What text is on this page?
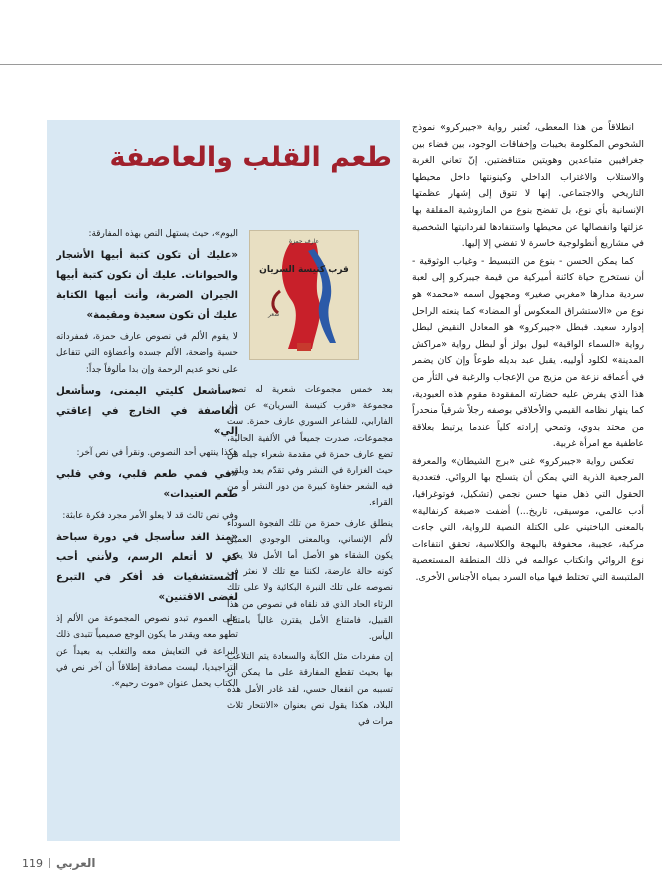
انطلاقاً من هذا المعطى، تُعتبر رواية «جيبركرو» نموذج الشخوص المكلومة بخيبات وإخفاقات الوجود، بين فضاء بين جغرافيين متباعدين وهويتين متناقضتين. إنّ تعاني الغربة والاستلاب والاغتراب الداخلي وكينونتها داخل محيطها التاريخي والاجتماعي. إنها لا تتوق إلى إشهار عظمتها الإنسانية بأي نوع، بل تفضح بنوع من المازوشية المقلقة بها عزلتها وانفصالها عن محيطها واستنفادها لفردانيتها الشخصية في مشاريع أنطولوجية خاسرة لا تفضي إلا إليها.

كما يمكن الحسن - بنوع من التبسيط - وغياب الوثوقية - أن نستخرج حياة كائنة أميركية من قيمة جيبركرو إلى لعبة سردية مدارها «مغربي صغير» ومجهول اسمه «محمد» هو نوع من «الاستشراق المعكوس أو المضاد» كما ينعته الراحل إدوارد سعيد. فبطل «جيبركرو» هو المعادل النقيض لبطل رواية «السماء الواقية» لبول بولز أو لبطل رواية «مراكش المدينة» لكلود أولييه. يقبل عبد بديله طوعاً وإن كان يضمر في أعماقه نزعة من مزيج من الإعجاب والرغبة في الثأر من هذا الذي يفرض عليه حضارته المفقودة مقوم هذه العبودية، كما ينهار نظامه القيمي والأخلاقي بوصفه رجلاً شرقياً منحدراً من محتد بدوي، وتمحي إرادته كلياً عندما يرتبط بعلاقة عاطفية مع امرأة غربية.

تعكس رواية «جيبركرو» غنى «برج الشيطان» والمعرفة المرجعية الذرية التي يمكن أن يتسلح بها الروائي. فتعددية الحقول التي ذهل منها حسن نجمي (تشكيل، فوتوغرافيا، أدب عالمي، موسيقى، تاريخ...) أضفت «صبغة كرنفالية» بالمعنى الباختيني على الكتلة النصية للرواية، التي جاءت مركبة، عجيبة، محفوفة بالبهجة والكلاسية، تحقق انتفاءات نوع الروائي وانكتاب عوالمه في ذلك المنطقة المستعصية الملتبسة التي تختلط فيها مياه السرد بمياه الأجناس الأخرى.

طعم القلب والعاصفة
عارف حمزة
قرب كنيسة السريان
شعر

بعد خمس مجموعات شعرية له تصدر مجموعة «قرب كنيسة السريان» عن دار الفارابي، للشاعر السوري عارف حمزة. ست مجموعات، صدرت جميعاً في الألفية الحالية، تضع عارف حمزة في مقدمة شعراء جيله من حيث الغزارة في النشر وفي تقدّم يعد ويلقي فيه الشعر حفاوة كبيرة من دور النشر أو من القراء.

ينطلق عارف حمزة من تلك الفجوة السوداء لألم الإنساني، وبالمعنى الوجودي العميق يكون الشقاء هو الأصل أما الأمل فلا يعدو كونه حالة عارضة، لكننا مع تلك لا نعثر في نصوصه على تلك النبرة البكائية ولا على تلك الرثاء الحاد الذي قد نلقاه في نصوص من هذا القبيل، فامتناع الأمل يقترن غالباً بامتناع اليأس.

إن مفردات مثل الكآبة والسعادة يتم التلاعب بها بحيث تقطع المفارقة على ما يمكن أن تسببه من انفعال حسي، لقد غادر الأمل هذه البلاد، هكذا يقول نص بعنوان «الانتحار ثلاث مرات في

اليوم»، حيث يستهل النص بهذه المفارقة:

«عليك أن تكون كتبة أبيها الأشجار والحيوانات. عليك أن تكون كتبة أبيها الجيران الضربة، وأنت أبيها الكتابة عليك أن تكون سعيدة ومقيمة»

لا يقوم الألم في نصوص عارف حمزة، فمفرداته حسية واضحة، الألم جسده وأعضاؤه التي تتفاعل على نحو عديم الرحمة وإن بدا مألوفاً جداً:

«سأشعل كليتي اليمنى، وسأشعل العاصفة في الخارج في إعاقتي إلي»

هكذا ينتهي أحد النصوص. ونقرأ في نص آخر:

«في فمي طعم قلبي، وفي قلبي طعم العنيدات»

وفي نص ثالث قد لا يعلو الأمر مجرد فكرة عابثة:

«منذ الغد سأسجل في دورة سباحة كي لا أتعلم الرسم، ولأنني أحب المستشفيات قد أفكر في التبرع لغضى الاقتنين»

على العموم تبدو نصوص المجموعة من الألم إذ تطهو معه ويقدر ما يكون الوجع صميمياً تتبدى ذلك البراعة في التعايش معه والتغلب به بعيداً عن التراجيديا، ليست مصادفة إطلاقاً أن آخر نص في الكتاب يحمل عنوان «موت رحيم».

119 العربي
